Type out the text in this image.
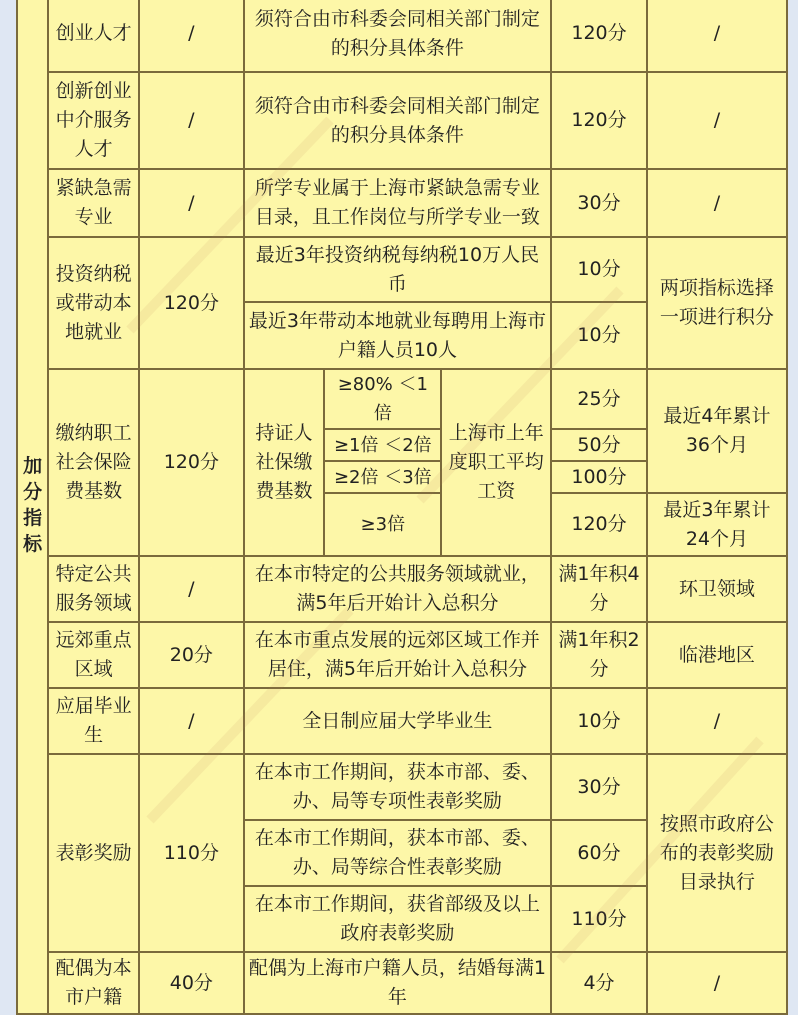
加
分
指
标	创业人才	/	须符合由市科委会同相关部门制定的积分具体条件			120分	/
	创新创业中介服务人才	/	须符合由市科委会同相关部门制定的积分具体条件			120分	/
	紧缺急需专业	/	所学专业属于上海市紧缺急需专业目录，且工作岗位与所学专业一致			30分	/
	投资纳税或带动本地就业	120分	最近3年投资纳税每纳税10万人民币			10分	两项指标选择一项进行积分
			最近3年带动本地就业每聘用上海市户籍人员10人			10分	
	缴纳职工社会保险费基数	120分	持证人社保缴费基数	≥80% ＜1倍	上海市上年度职工平均工资	25分	最近4年累计36个月
				≥1倍 ＜2倍		50分	
				≥2倍 ＜3倍		100分	
				≥3倍		120分	最近3年累计24个月
	特定公共服务领域	/	在本市特定的公共服务领域就业，满5年后开始计入总积分			满1年积4分	环卫领域
	远郊重点区域	20分	在本市重点发展的远郊区域工作并居住，满5年后开始计入总积分			满1年积2分	临港地区
	应届毕业生	/	全日制应届大学毕业生			10分	/
	表彰奖励	110分	在本市工作期间，获本市部、委、办、局等专项性表彰奖励			30分	按照市政府公布的表彰奖励目录执行
			在本市工作期间，获本市部、委、办、局等综合性表彰奖励			60分	
			在本市工作期间，获省部级及以上政府表彰奖励			110分	
	配偶为本市户籍	40分	配偶为上海市户籍人员，结婚每满1年			4分	/
